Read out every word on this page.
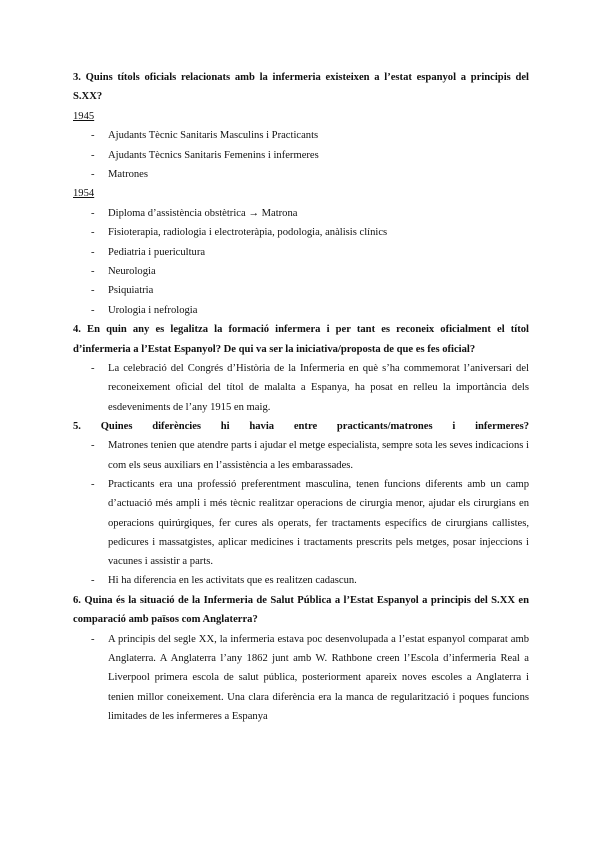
3. Quins títols oficials relacionats amb la infermeria existeixen a l’estat espanyol a principis del S.XX?
1945
- Ajudants Tècnic Sanitaris Masculins i Practicants
- Ajudants Tècnics Sanitaris Femenins i infermeres
- Matrones
1954
- Diploma d’assistència obstètrica → Matrona
- Fisioterapia, radiologia i electroteràpia, podologia, anàlisis clínics
- Pediatria i puericultura
- Neurologia
- Psiquiatria
- Urologia i nefrologia
4. En quin any es legalitza la formació infermera i per tant es reconeix oficialment el títol d’infermeria a l’Estat Espanyol? De qui va ser la iniciativa/proposta de que es fes oficial?
- La celebració del Congrés d’Història de la Infermeria en què s’ha commemorat l’aniversari del reconeixement oficial del títol de malalta a Espanya, ha posat en relleu la importància dels esdeveniments de l’any 1915 en maig.
5. Quines diferències hi havia entre practicants/matrones i infermeres?
- Matrones tenien que atendre parts i ajudar el metge especialista, sempre sota les seves indicacions i com els seus auxiliars en l’assistència a les embarassades.
- Practicants era una professió preferentment masculina, tenen funcions diferents amb un camp d’actuació més ampli i més tècnic realitzar operacions de cirurgia menor, ajudar els cirurgians en operacions quirúrgiques, fer cures als operats, fer tractaments específics de cirurgians callistes, pedicures i massatgistes, aplicar medicines i tractaments prescrits pels metges, posar injeccions i vacunes i assistir a parts.
- Hi ha diferencia en les activitats que es realitzen cadascun.
6. Quina és la situació de la Infermeria de Salut Pública a l’Estat Espanyol a principis del S.XX en comparació amb països com Anglaterra?
- A principis del segle XX, la infermeria estava poc desenvolupada a l’estat espanyol comparat amb Anglaterra. A Anglaterra l’any 1862 junt amb W. Rathbone creen l’Escola d’infermeria Real a Liverpool primera escola de salut pública, posteriorment apareix noves escoles a Anglaterra i tenien millor coneixement. Una clara diferència era la manca de regularització i poques funcions limitades de les infermeres a Espanya
